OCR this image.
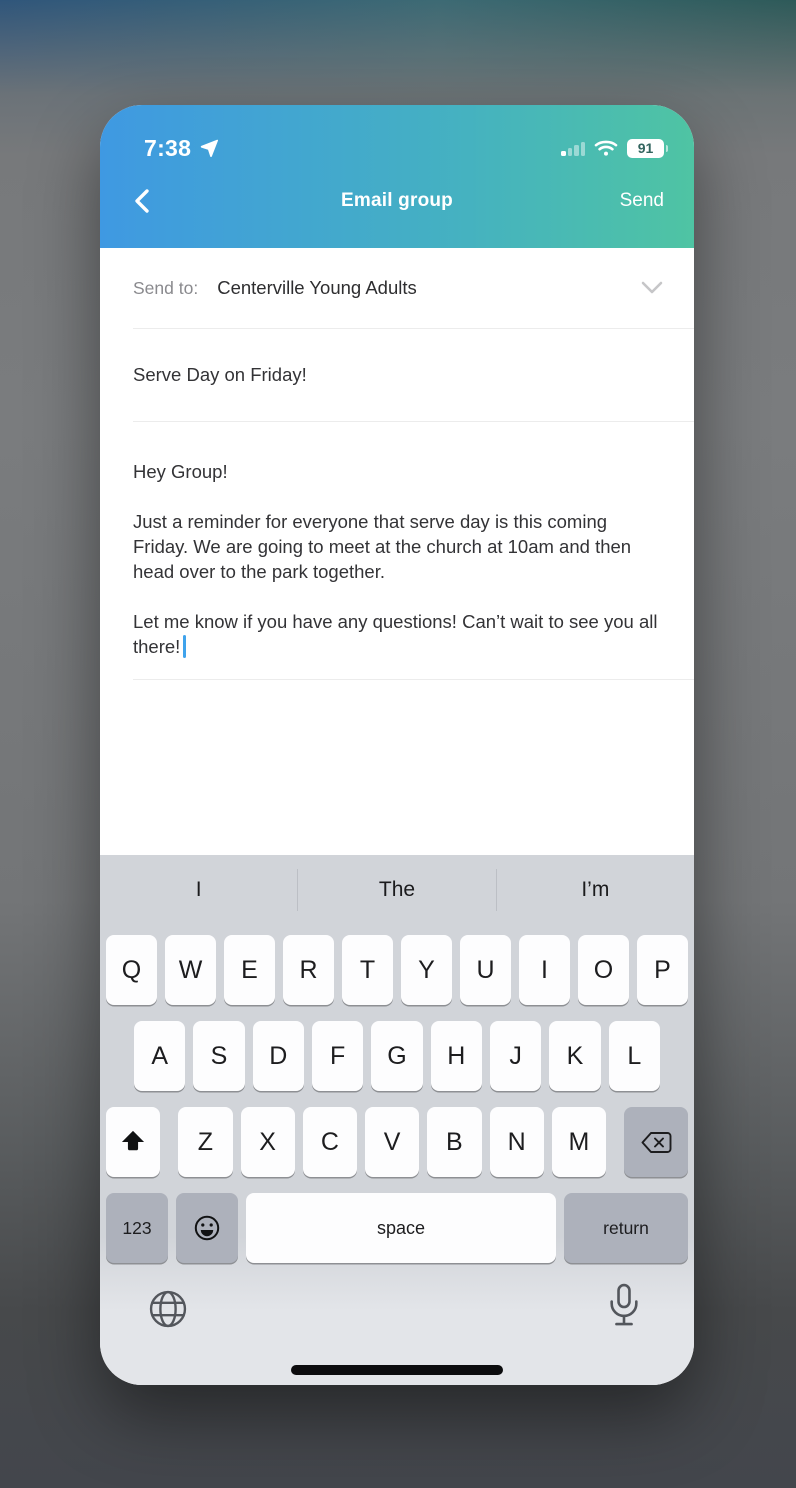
7:38	91
Email group	Send
Send to: Centerville Young Adults
Serve Day on Friday!

Hey Group!

Just a reminder for everyone that serve day is this coming Friday. We are going to meet at the church at 10am and then head over to the park together.

Let me know if you have any questions! Can’t wait to see you all there!

I	The	I’m
Q	W	E	R	T	Y	U	I	O	P
A	S	D	F	G	H	J	K	L
Z	X	C	V	B	N	M
123	space	return
